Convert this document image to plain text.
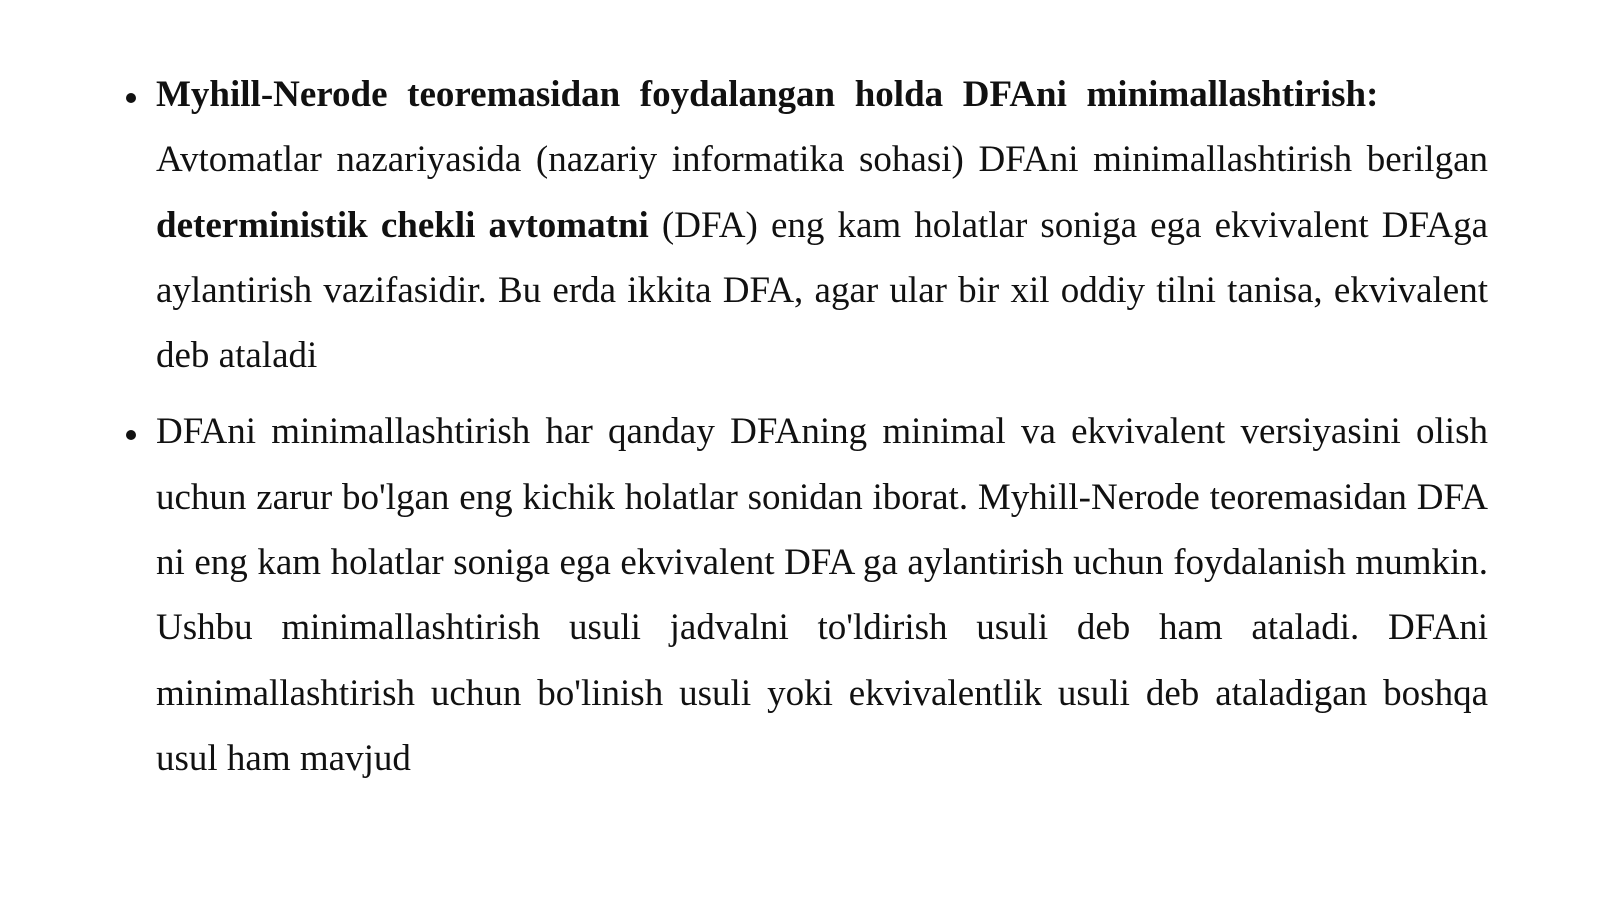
Myhill-Nerode teoremasidan foydalangan holda DFAni minimallashtirish: Avtomatlar nazariyasida (nazariy informatika sohasi) DFAni minimallashtirish berilgan deterministik chekli avtomatni (DFA) eng kam holatlar soniga ega ekvivalent DFAga aylantirish vazifasidir. Bu erda ikkita DFA, agar ular bir xil oddiy tilni tanisa, ekvivalent deb ataladi
DFAni minimallashtirish har qanday DFAning minimal va ekvivalent versiyasini olish uchun zarur bo'lgan eng kichik holatlar sonidan iborat. Myhill-Nerode teoremasidan DFA ni eng kam holatlar soniga ega ekvivalent DFA ga aylantirish uchun foydalanish mumkin. Ushbu minimallashtirish usuli jadvalni to'ldirish usuli deb ham ataladi. DFAni minimallashtirish uchun bo'linish usuli yoki ekvivalentlik usuli deb ataladigan boshqa usul ham mavjud
